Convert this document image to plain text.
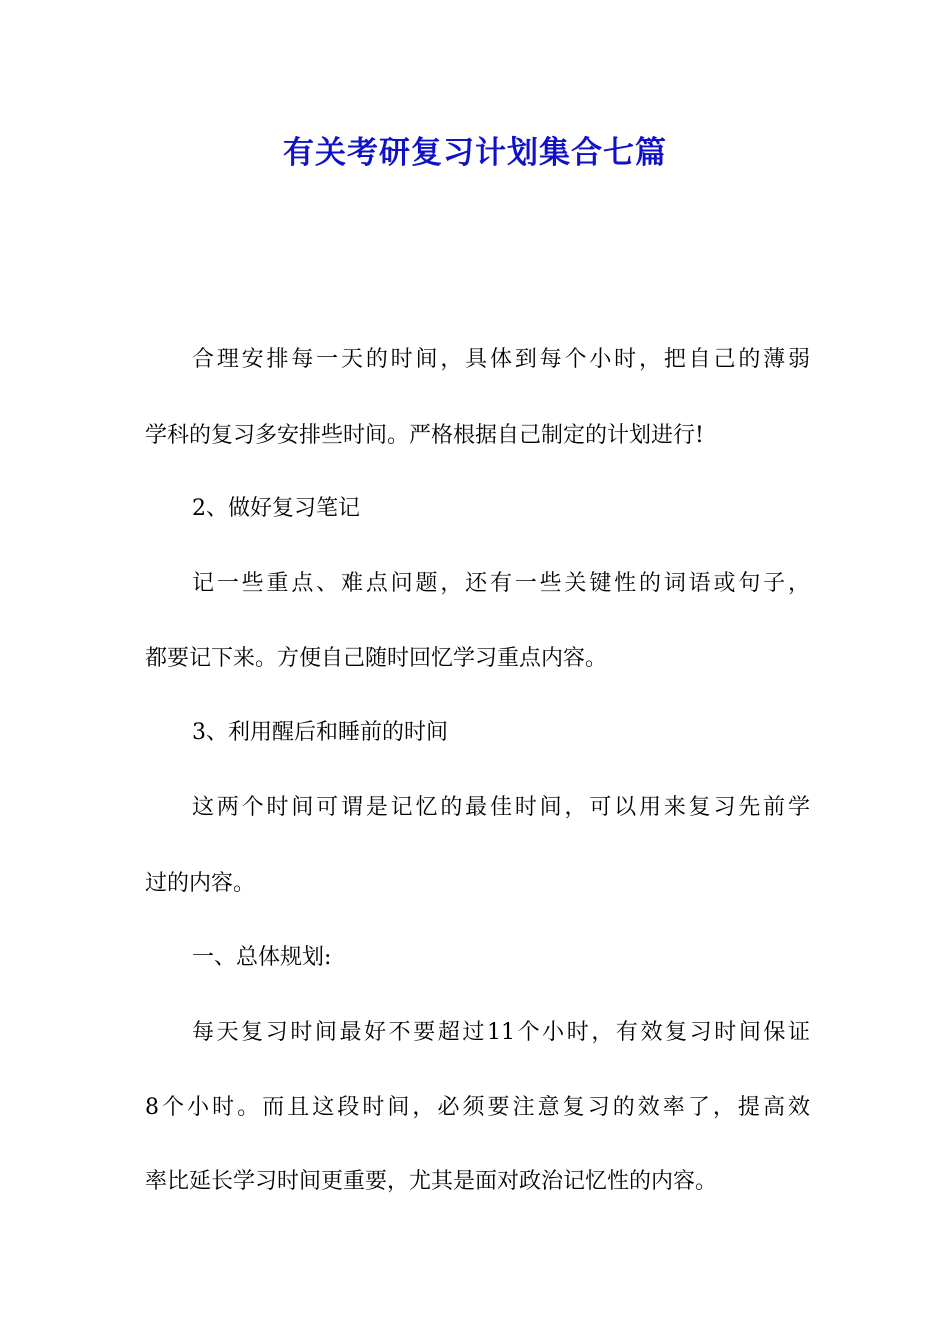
有关考研复习计划集合七篇
合理安排每一天的时间，具体到每个小时，把自己的薄弱
学科的复习多安排些时间。严格根据自己制定的计划进行!
2、做好复习笔记
记一些重点、难点问题，还有一些关键性的词语或句子，
都要记下来。方便自己随时回忆学习重点内容。
3、利用醒后和睡前的时间
这两个时间可谓是记忆的最佳时间，可以用来复习先前学
过的内容。
一、总体规划:
每天复习时间最好不要超过11个小时，有效复习时间保证
8个小时。而且这段时间，必须要注意复习的效率了，提高效
率比延长学习时间更重要，尤其是面对政治记忆性的内容。
